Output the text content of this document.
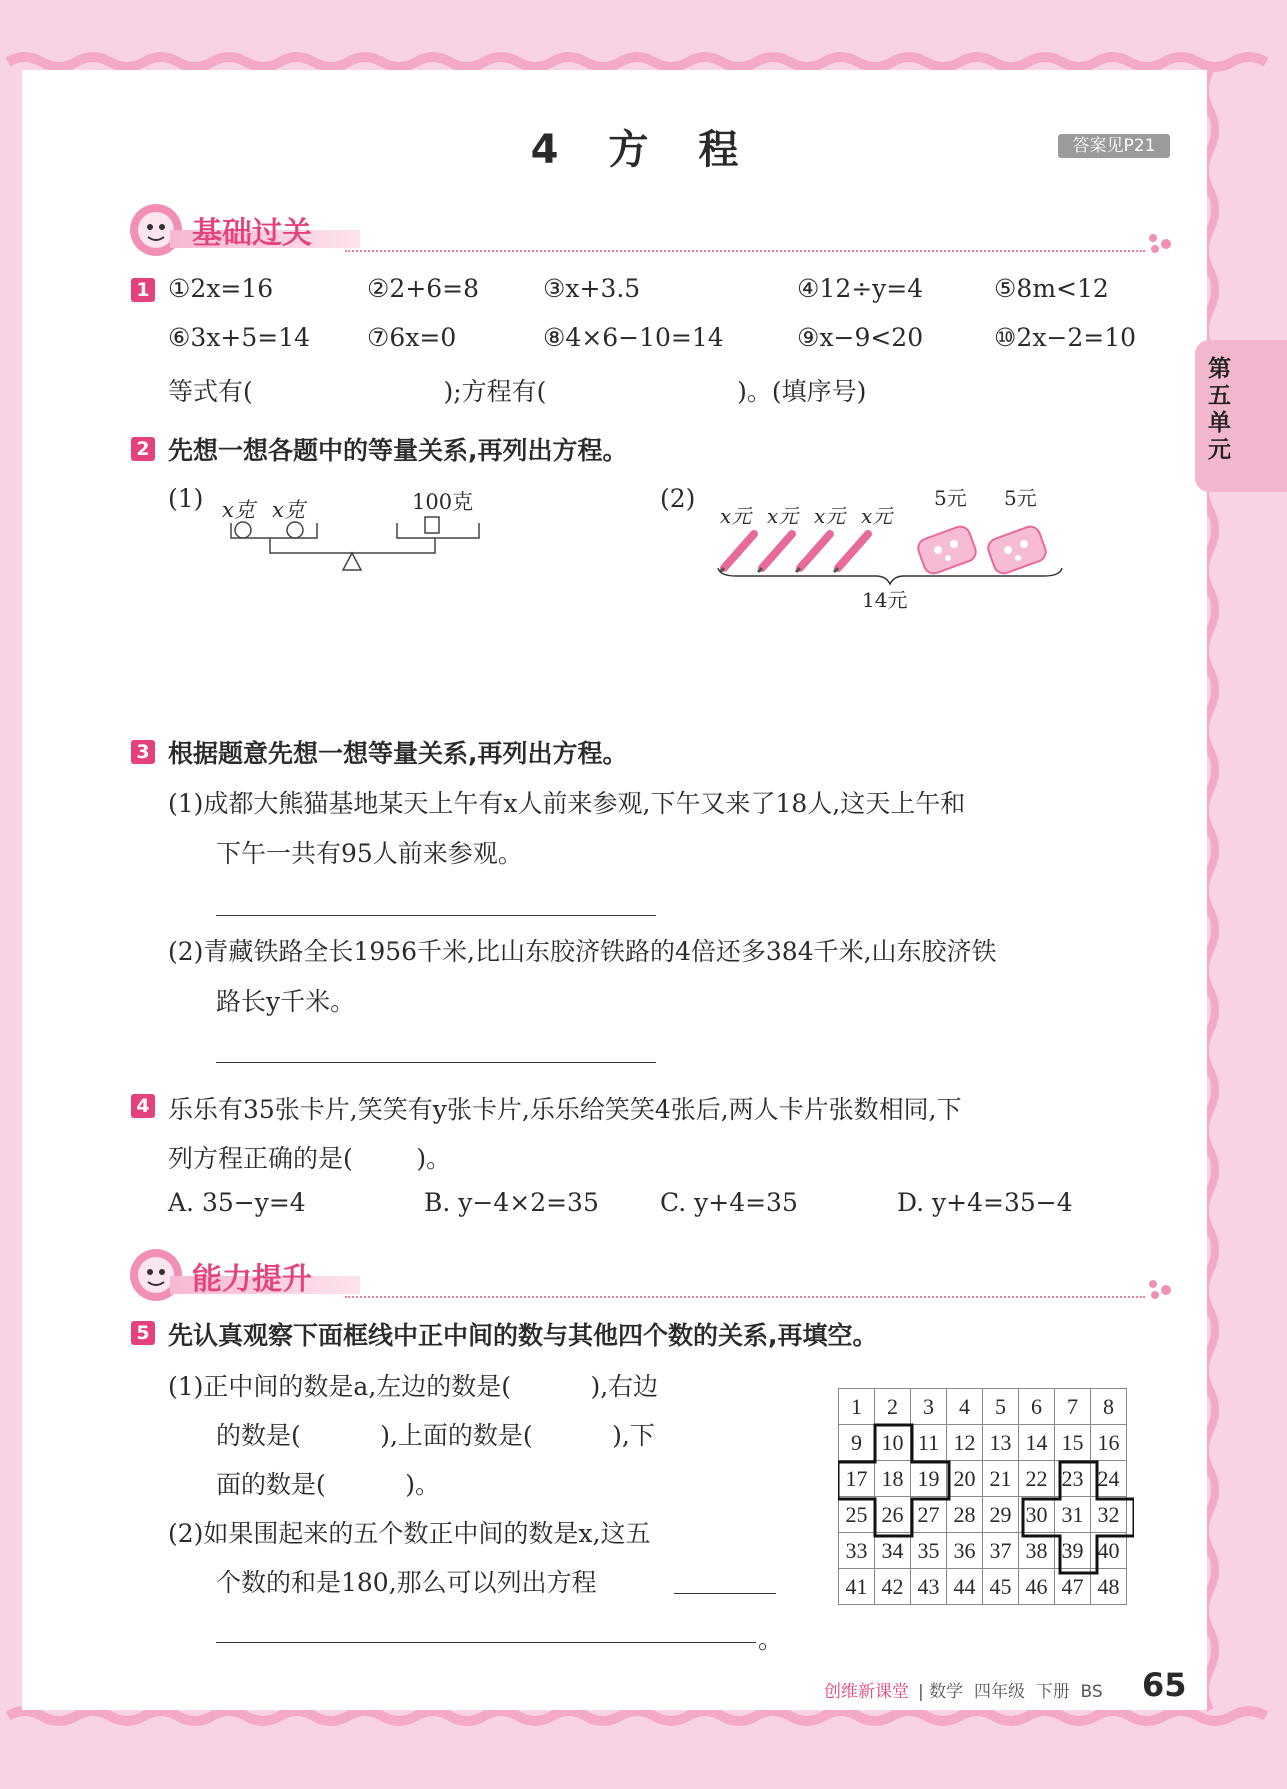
4 方 程	答案见P21
第五单元
基础过关
1 ①2x=16	②2+6=8	③x+3.5	④12÷y=4	⑤8m<12
⑥3x+5=14 ⑦6x=0	⑧4×6−10=14	⑨x−9<20	⑩2x−2=10
等式有(                        );方程有(                        )。(填序号)
2 先想一想各题中的等量关系,再列出方程。
(1) x克 x克	100克	(2)
x元 x元 x元 x元
5元 5元
14元
3 根据题意先想一想等量关系,再列出方程。
(1)成都大熊猫基地某天上午有x人前来参观,下午又来了18人,这天上午和
下午一共有95人前来参观。
(2)青藏铁路全长1956千米,比山东胶济铁路的4倍还多384千米,山东胶济铁
路长y千米。
4 乐乐有35张卡片,笑笑有y张卡片,乐乐给笑笑4张后,两人卡片张数相同,下
列方程正确的是(        )。
A. 35−y=4	B. y−4×2=35 C. y+4=35	D. y+4=35−4
能力提升
5 先认真观察下面框线中正中间的数与其他四个数的关系,再填空。
(1)正中间的数是a,左边的数是(          ),右边
的数是(          ),上面的数是(          ),下
面的数是(          )。
(2)如果围起来的五个数正中间的数是x,这五
个数的和是180,那么可以列出方程
。
1	2	3	4	5	6	7	8
9	10	11	12	13	14	15	16
17	18	19	20	21	22	23	24
25	26	27	28	29	30	31	32
33	34	35	36	37	38	39	40
41	42	43	44	45	46	47	48
创维新课堂 | 数学  四年级  下册  BS 65
